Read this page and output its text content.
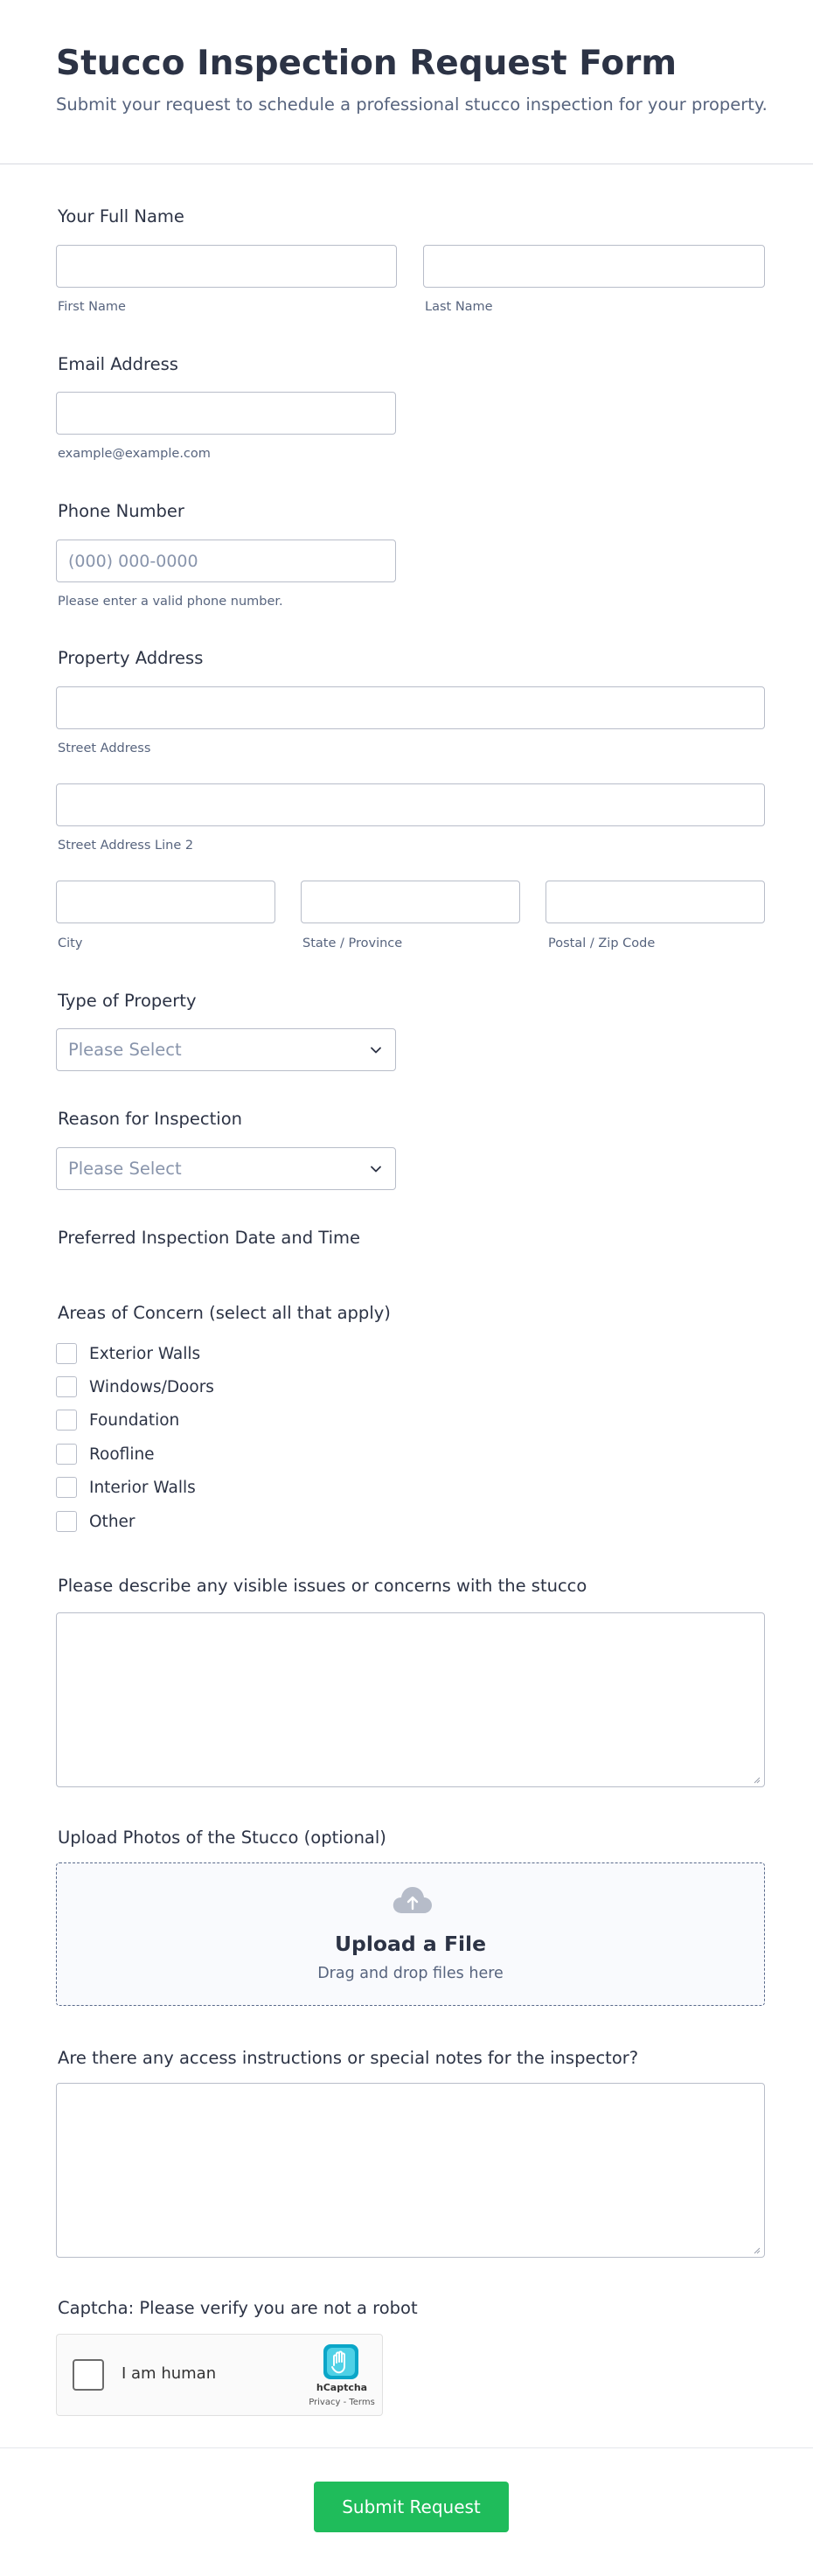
Stucco Inspection Request Form

Submit your request to schedule a professional stucco inspection for your property.

Your Full Name
First Name	Last Name
Email Address
example@example.com
Phone Number
(000) 000-0000
Please enter a valid phone number.
Property Address
Street Address
Street Address Line 2
City	State / Province	Postal / Zip Code
Type of Property
Please Select
Reason for Inspection
Please Select
Preferred Inspection Date and Time
Areas of Concern (select all that apply)
Exterior Walls
Windows/Doors
Foundation
Roofline
Interior Walls
Other
Please describe any visible issues or concerns with the stucco
Upload Photos of the Stucco (optional)
Upload a File
Drag and drop files here
Are there any access instructions or special notes for the inspector?
Captcha: Please verify you are not a robot
I am human
hCaptcha
Privacy - Terms
Submit Request
